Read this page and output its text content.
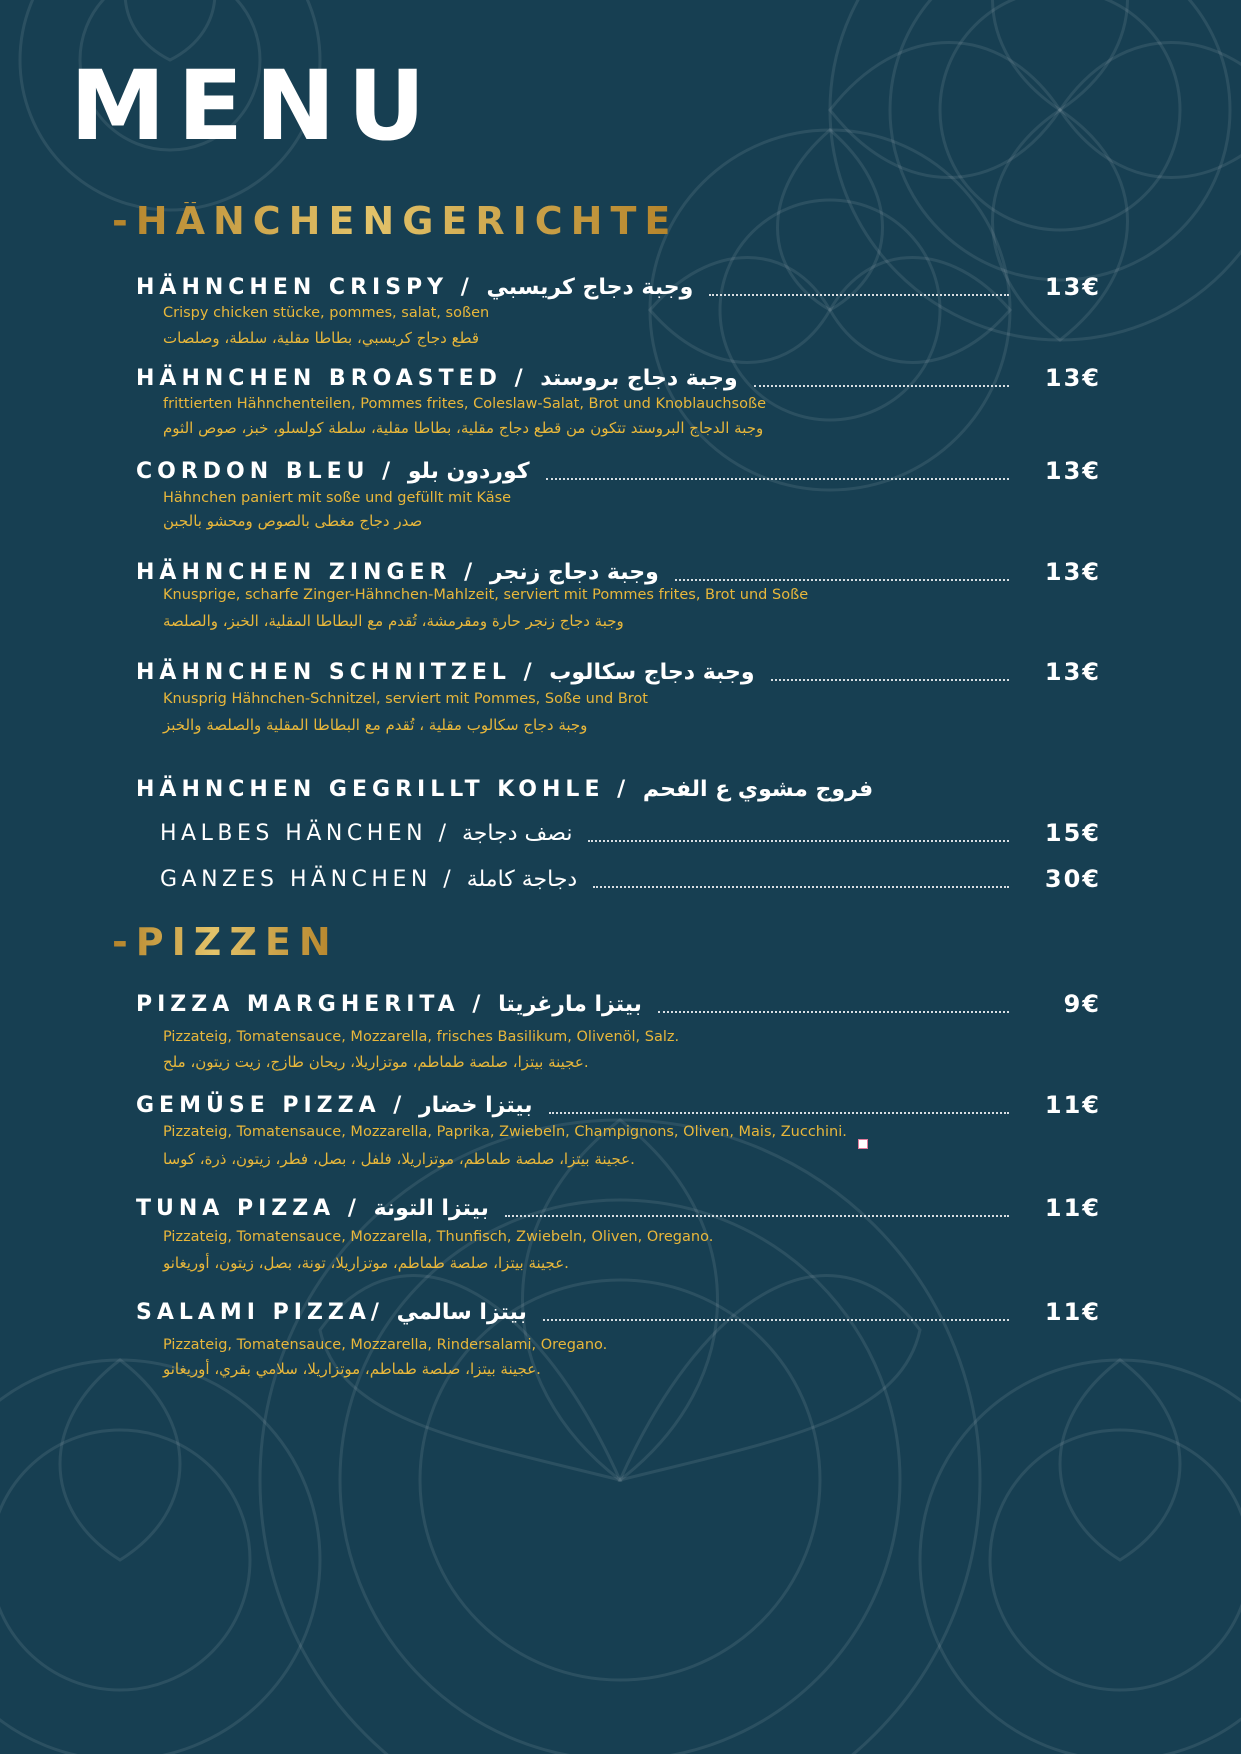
MENU
-HÄNCHENGERICHTE
HÄHNCHEN CRISPY / وجبة دجاج كريسبي	13€
Crispy chicken stücke, pommes, salat, soßen
قطع دجاج كريسبي، بطاطا مقلية، سلطة، وصلصات
HÄHNCHEN BROASTED / وجبة دجاج بروستد	13€
frittierten Hähnchenteilen, Pommes frites, Coleslaw-Salat, Brot und Knoblauchsoße
وجبة الدجاج البروستد تتكون من قطع دجاج مقلية، بطاطا مقلية، سلطة كولسلو، خبز، صوص الثوم
CORDON BLEU / كوردون بلو	13€
Hähnchen paniert mit soße und gefüllt mit Käse
صدر دجاج مغطى بالصوص ومحشو بالجبن
HÄHNCHEN ZINGER / وجبة دجاج زنجر	13€
Knusprige, scharfe Zinger-Hähnchen-Mahlzeit, serviert mit Pommes frites, Brot und Soße
وجبة دجاج زنجر حارة ومقرمشة، تُقدم مع البطاطا المقلية، الخبز، والصلصة
HÄHNCHEN SCHNITZEL / وجبة دجاج سكالوب	13€
Knusprig Hähnchen-Schnitzel, serviert mit Pommes, Soße und Brot
وجبة دجاج سكالوب مقلية ، تُقدم مع البطاطا المقلية والصلصة والخبز
HÄHNCHEN GEGRILLT KOHLE / فروج مشوي ع الفحم
HALBES HÄNCHEN / نصف دجاجة	15€
GANZES HÄNCHEN / دجاجة كاملة	30€
-PIZZEN
PIZZA MARGHERITA / بيتزا مارغريتا	9€
Pizzateig, Tomatensauce, Mozzarella, frisches Basilikum, Olivenöl, Salz.
عجينة بيتزا، صلصة طماطم، موتزاريلا، ريحان طازج، زيت زيتون، ملح.
GEMÜSE PIZZA / بيتزا خضار	11€
Pizzateig, Tomatensauce, Mozzarella, Paprika, Zwiebeln, Champignons, Oliven, Mais, Zucchini.
عجينة بيتزا، صلصة طماطم، موتزاريلا، فلفل ، بصل، فطر، زيتون، ذرة، كوسا.
TUNA PIZZA / بيتزا التونة	11€
Pizzateig, Tomatensauce, Mozzarella, Thunfisch, Zwiebeln, Oliven, Oregano.
عجينة بيتزا، صلصة طماطم، موتزاريلا، تونة، بصل، زيتون، أوريغانو.
SALAMI PIZZA/ بيتزا سالمي	11€
Pizzateig, Tomatensauce, Mozzarella, Rindersalami, Oregano.
عجينة بيتزا، صلصة طماطم، موتزاريلا، سلامي بقري، أوريغانو.
